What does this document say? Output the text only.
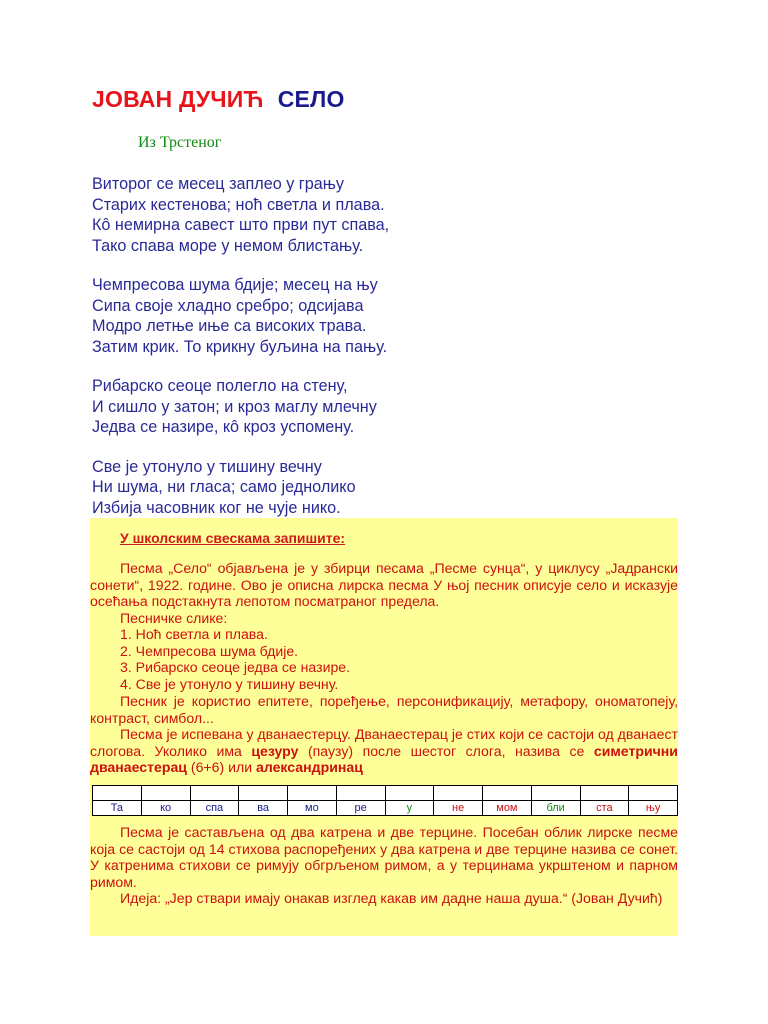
ЈОВАН ДУЧИЋ СЕЛО
Из Трстеног
Виторог се месец заплео у грању
Старих кестенова; ноћ светла и плава.
Кô немирна савест што први пут спава,
Тако спава море у немом блистању.
Чемпресова шума бдије; месец на њу
Сипа своје хладно сребро; одсијава
Модро летње иње са високих трава.
Затим крик. То крикну буљина на пању.
Рибарско сеоце полегло на стену,
И сишло у затон; и кроз маглу млечну
Једва се назире, кô кроз успомену.
Све је утонуло у тишину вечну
Ни шума, ни гласа; само једнолико
Избија часовник ког не чује нико.
У школским свескама запишите:
Песма „Село“ објављена је у збирци песама „Песме сунца“, у циклусу „Јадрански сонети“, 1922. године. Ово је описна лирска песма У њој песник описује село и исказује осећања подстакнута лепотом посматраног предела.
Песничке слике:
1. Ноћ светла и плава.
2. Чемпресова шума бдије.
3. Рибарско сеоце једва се назире.
4. Све је утонуло у тишину вечну.
Песник је користио епитете, поређење, персонификацију, метафору, ономатопеју, контраст, симбол...
Песма је испевана у дванаестерцу. Дванаестерац је стих који се састоји од дванаест слогова. Уколико има цезуру (паузу) после шестог слога, назива се симетрични дванаестерац (6+6) или александринац
Песма је састављена од два катрена и две терцине. Посебан облик лирске песме која се састоји од 14 стихова распоређених у два катрена и две терцине назива се сонет. У катренима стихови се римују обгрљеном римом, а у терцинама укрштеном и парном римом.
Идеја: „Јер ствари имају онакав изглед какав им дадне наша душа.“ (Јован Дучић)

Та	ко	спа	ва	мо	ре	у	не	мом	бли	ста	њу
